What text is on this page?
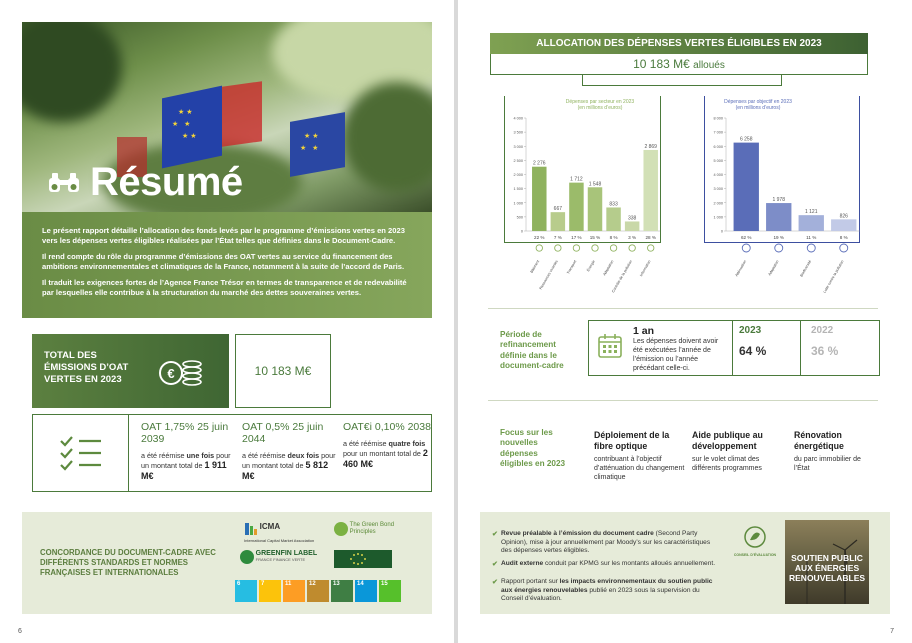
★ ★
★   ★
★ ★	★ ★
★   ★
Résumé

Le présent rapport détaille l’allocation des fonds levés par le programme d’émissions vertes en 2023 vers les dépenses vertes éligibles réalisées par l’État telles que définies dans le Document-Cadre.

Il rend compte du rôle du programme d’émissions des OAT vertes au service du financement des ambitions environnementales et climatiques de la France, notamment à la suite de l’accord de Paris.

Il traduit les exigences fortes de l’Agence France Trésor en termes de transparence et de redevabilité par lesquelles elle contribue à la structuration du marché des dettes souveraines vertes.

TOTAL DES ÉMISSIONS D’OAT VERTES EN 2023	€	10 183 M€
OAT 1,75% 25 juin 2039
a été réémise une fois pour un montant total de 1 911 M€
OAT 0,5% 25 juin 2044
a été réémise deux fois pour un montant total de 5 812 M€
OAT€i 0,10% 2038
a été réémise quatre fois pour un montant total de 2 460 M€
CONCORDANCE DU DOCUMENT-CADRE AVEC DIFFÉRENTS STANDARDS ET NORMES FRANÇAISES ET INTERNATIONALES
ICMA
International Capital Market Association
The Green Bond Principles

GREENFIN LABEL
FRANCE FINANCE VERTE
6	7	11	12	13	14	15
6
ALLOCATION DES DÉPENSES VERTES ÉLIGIBLES EN 2023
10 183 M€ alloués
Dépenses par secteur en 2023 (en millions d’euros)
0
500
1 000
1 500
2 000
2 500
3 000
3 500
4 000
2 276
22 %
Bâtiment
667
7 %
Ressources vivantes
1 712
17 %
Transport
1 548
15 %
Énergie
833
8 %
Adaptation
338
3 %
Contrôle de la pollution
2 869
28 %
Information
Dépenses par objectif en 2023 (en millions d’euros)
0
1 000
2 000
3 000
4 000
5 000
6 000
7 000
8 000
6 258
62 %
Atténuation
1 978
19 %
Adaptation
1 121
11 %
Biodiversité
826
8 %
Lutte contre la pollution
Période de refinancement définie dans le document-cadre
1 an
Les dépenses doivent avoir été exécutées l’année de l’émission ou l’année précédant celle-ci.
2023
64 %
2022
36 %
Focus sur les nouvelles dépenses éligibles en 2023
Déploiement de la fibre optique
contribuant à l’objectif d’atténuation du changement climatique
Aide publique au développement
sur le volet climat des différents programmes
Rénovation énergétique
du parc immobilier de l’État
✔ Revue préalable à l’émission du document cadre (Second Party Opinion), mise à jour annuellement par Moody’s sur les caractéristiques des dépenses vertes éligibles.
✔ Audit externe conduit par KPMG sur les montants alloués annuellement.
✔ Rapport portant sur les impacts environnementaux du soutien public aux énergies renouvelables publié en 2023 sous la supervision du Conseil d’évaluation.
CONSEIL D’ÉVALUATION	SOUTIEN PUBLIC AUX ÉNERGIES RENOUVELABLES
7
